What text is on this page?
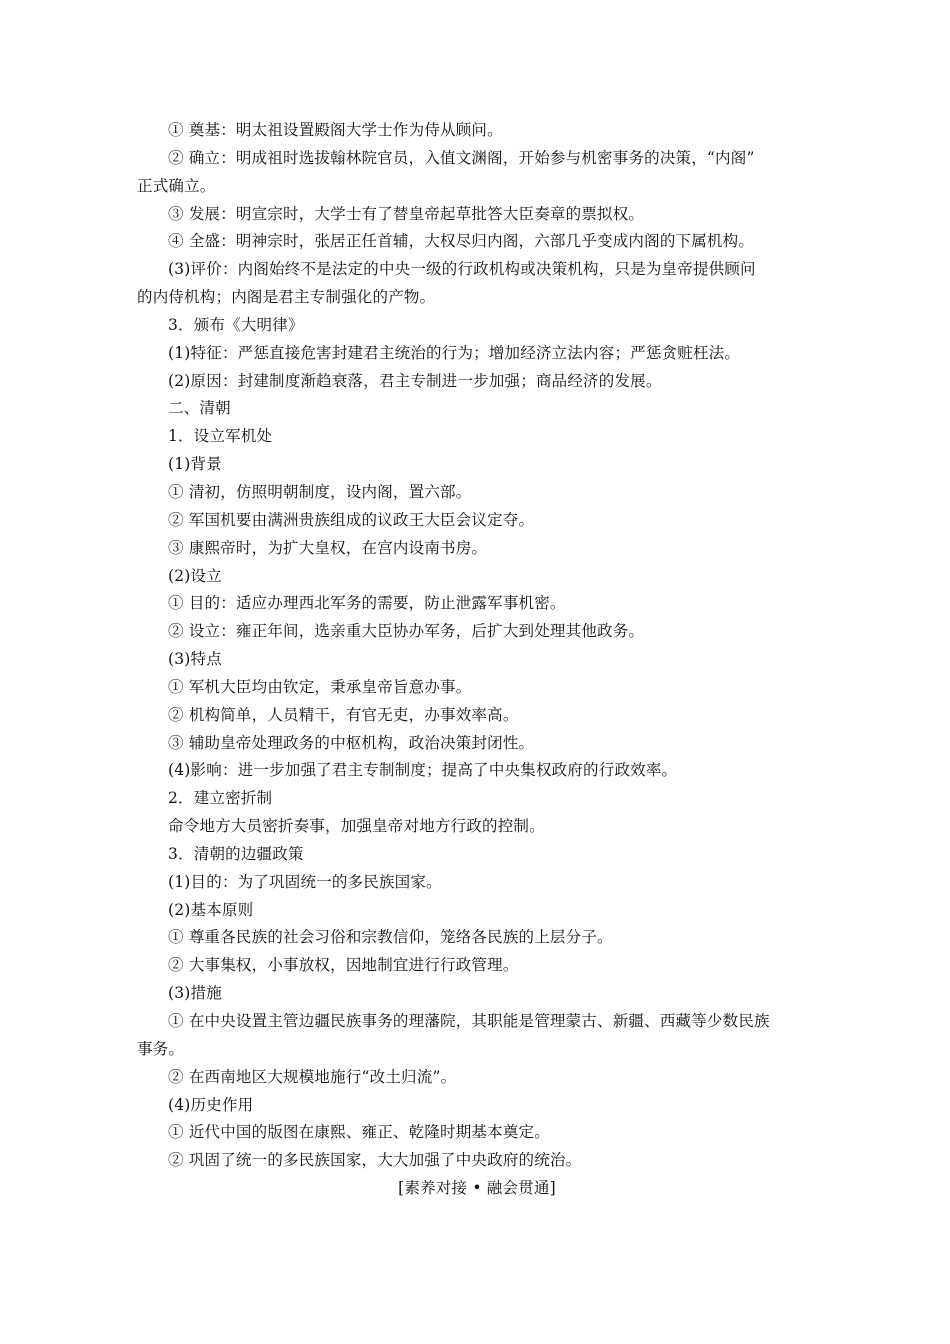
① 奠基：明太祖设置殿阁大学士作为侍从顾问。
② 确立：明成祖时选拔翰林院官员，入值文渊阁，开始参与机密事务的决策，“内阁”
正式确立。
③ 发展：明宣宗时，大学士有了替皇帝起草批答大臣奏章的票拟权。
④ 全盛：明神宗时，张居正任首辅，大权尽归内阁，六部几乎变成内阁的下属机构。
(3)评价：内阁始终不是法定的中央一级的行政机构或决策机构，只是为皇帝提供顾问
的内侍机构；内阁是君主专制强化的产物。
3．颁布《大明律》
(1)特征：严惩直接危害封建君主统治的行为；增加经济立法内容；严惩贪赃枉法。
(2)原因：封建制度渐趋衰落，君主专制进一步加强；商品经济的发展。
二、清朝
1．设立军机处
(1)背景
① 清初，仿照明朝制度，设内阁，置六部。
② 军国机要由满洲贵族组成的议政王大臣会议定夺。
③ 康熙帝时，为扩大皇权，在宫内设南书房。
(2)设立
① 目的：适应办理西北军务的需要，防止泄露军事机密。
② 设立：雍正年间，选亲重大臣协办军务，后扩大到处理其他政务。
(3)特点
① 军机大臣均由钦定，秉承皇帝旨意办事。
② 机构简单，人员精干，有官无吏，办事效率高。
③ 辅助皇帝处理政务的中枢机构，政治决策封闭性。
(4)影响：进一步加强了君主专制制度；提高了中央集权政府的行政效率。
2．建立密折制
命令地方大员密折奏事，加强皇帝对地方行政的控制。
3．清朝的边疆政策
(1)目的：为了巩固统一的多民族国家。
(2)基本原则
① 尊重各民族的社会习俗和宗教信仰，笼络各民族的上层分子。
② 大事集权，小事放权，因地制宜进行行政管理。
(3)措施
① 在中央设置主管边疆民族事务的理藩院，其职能是管理蒙古、新疆、西藏等少数民族
事务。
② 在西南地区大规模地施行“改土归流”。
(4)历史作用
① 近代中国的版图在康熙、雍正、乾隆时期基本奠定。
② 巩固了统一的多民族国家，大大加强了中央政府的统治。
[素养对接 • 融会贯通]
